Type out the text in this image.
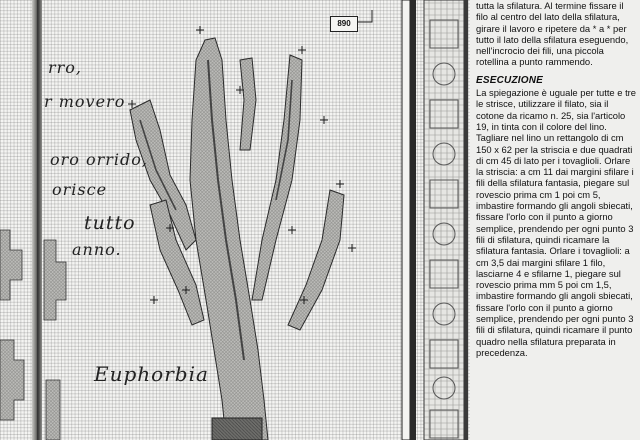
rro,
r movero
oro orrido,
orisce
tutto
anno.
Euphorbia
890

tutta la sfilatura. Al termine fissare il filo al centro del lato della sfilatura, girare il lavoro e ripetere da * a * per tutto il lato della sfilatura eseguendo, nell'incrocio dei fili, una piccola rotellina a punto rammendo.

ESECUZIONE

La spiegazione è uguale per tutte e tre le strisce, utilizzare il filato, sia il cotone da ricamo n. 25, sia l'articolo 19, in tinta con il colore del lino. Tagliare nel lino un rettangolo di cm 150 x 62 per la striscia e due quadrati di cm 45 di lato per i tovaglioli. Orlare la striscia: a cm 11 dai margini sfilare i fili della sfilatura fantasia, piegare sul rovescio prima cm 1 poi cm 5, imbastire formando gli angoli sbiecati, fissare l'orlo con il punto a giorno semplice, prendendo per ogni punto 3 fili di sfilatura, quindi ricamare la sfilatura fantasia. Orlare i tovaglioli: a cm 3,5 dai margini sfilare 1 filo, lasciarne 4 e sfilarne 1, piegare sul rovescio prima mm 5 poi cm 1,5, imbastire formando gli angoli sbiecati, fissare l'orlo con il punto a giorno semplice, prendendo per ogni punto 3 fili di sfilatura, quindi ricamare il punto quadro nella sfilatura preparata in precedenza.
